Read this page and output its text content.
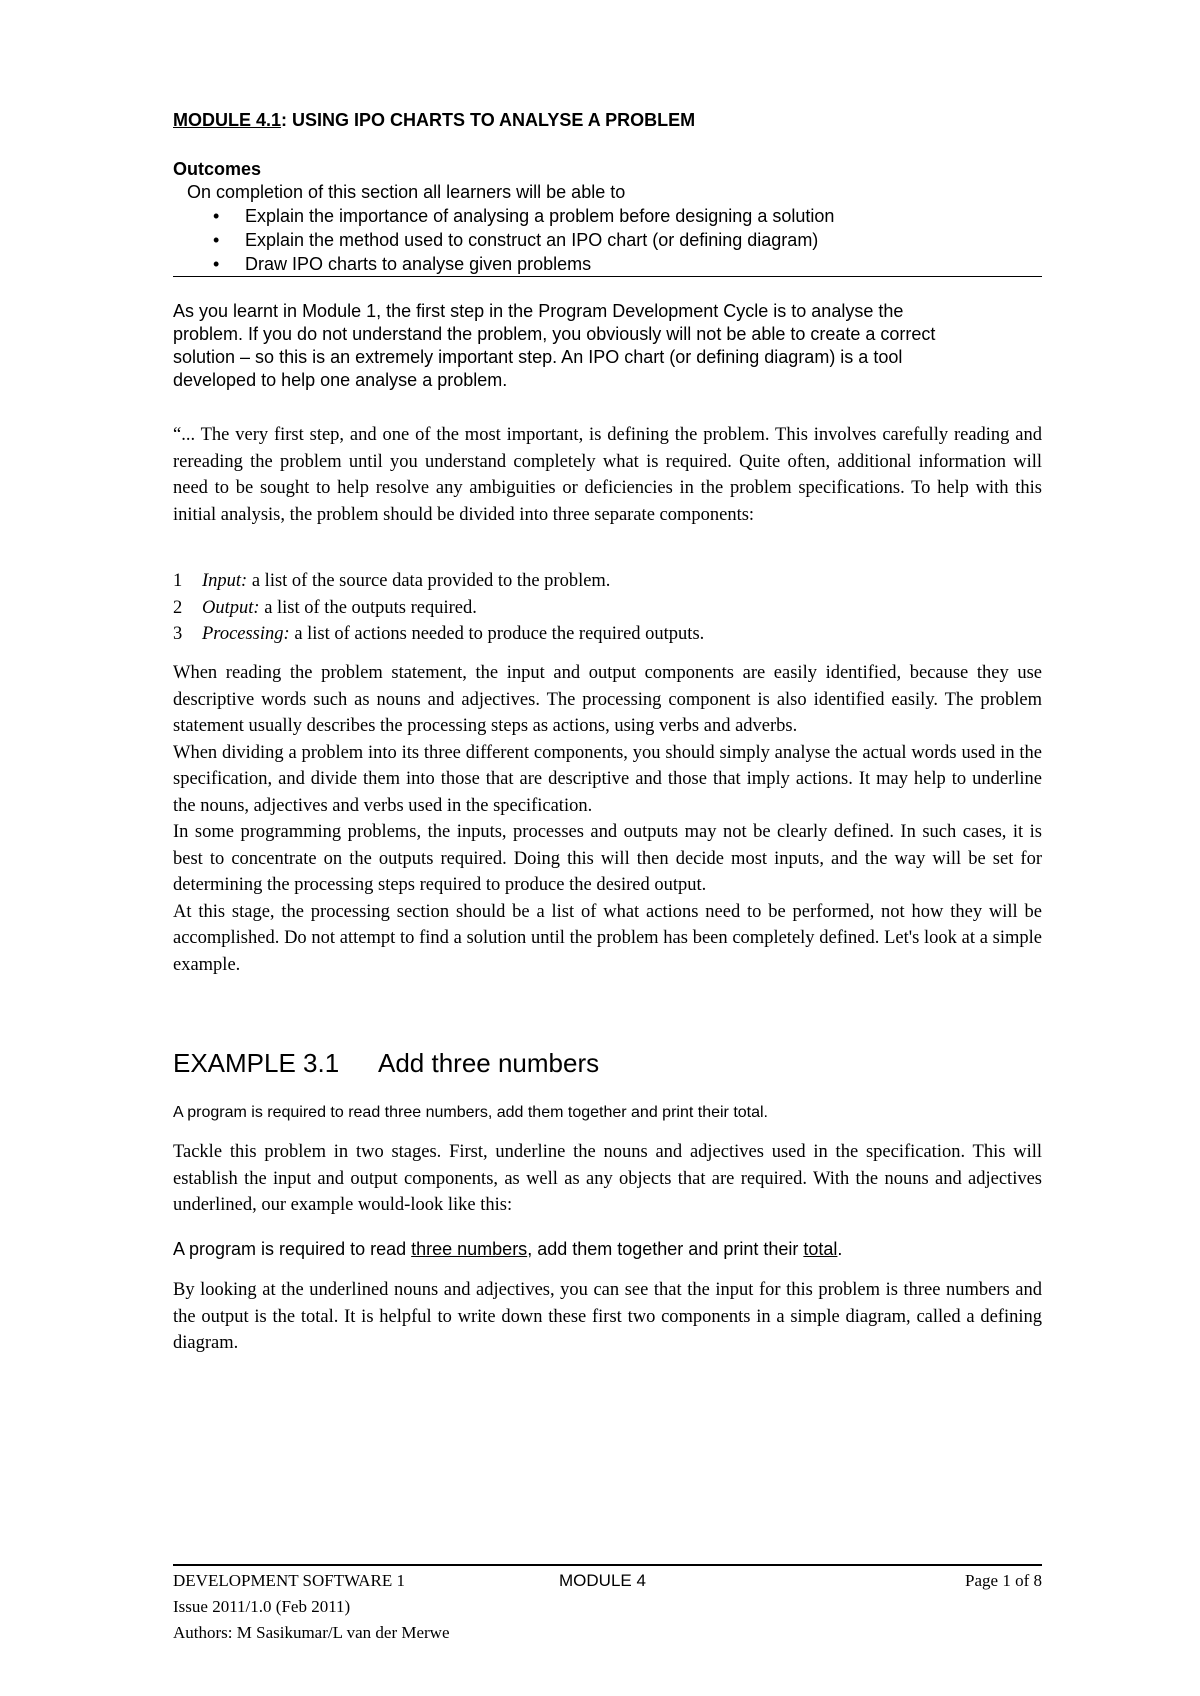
MODULE 4.1: USING IPO CHARTS TO ANALYSE A PROBLEM
Outcomes

On completion of this section all learners will be able to

• Explain the importance of analysing a problem before designing a solution
• Explain the method used to construct an IPO chart (or defining diagram)
• Draw IPO charts to analyse given problems

As you learnt in Module 1, the first step in the Program Development Cycle is to analyse the
problem. If you do not understand the problem, you obviously will not be able to create a correct
solution – so this is an extremely important step. An IPO chart (or defining diagram) is a tool
developed to help one analyse a problem.

“... The very first step, and one of the most important, is defining the problem. This involves carefully reading and rereading the problem until you understand completely what is required. Quite often, additional information will need to be sought to help resolve any ambiguities or deficiencies in the problem specifications. To help with this initial analysis, the problem should be divided into three separate components:

1 Input: a list of the source data provided to the problem.
2 Output: a list of the outputs required.
3 Processing: a list of actions needed to produce the required outputs.

When reading the problem statement, the input and output components are easily identified, because they use descriptive words such as nouns and adjectives. The processing component is also identified easily. The problem statement usually describes the processing steps as actions, using verbs and adverbs.

When dividing a problem into its three different components, you should simply analyse the actual words used in the specification, and divide them into those that are descriptive and those that imply actions. It may help to underline the nouns, adjectives and verbs used in the specification.

In some programming problems, the inputs, processes and outputs may not be clearly defined. In such cases, it is best to concentrate on the outputs required. Doing this will then decide most inputs, and the way will be set for determining the processing steps required to produce the desired output.

At this stage, the processing section should be a list of what actions need to be performed, not how they will be accomplished. Do not attempt to find a solution until the problem has been completely defined. Let's look at a simple example.

EXAMPLE 3.1 Add three numbers
A program is required to read three numbers, add them together and print their total.

Tackle this problem in two stages. First, underline the nouns and adjectives used in the specification. This will establish the input and output components, as well as any objects that are required. With the nouns and adjectives underlined, our example would-look like this:

A program is required to read three numbers, add them together and print their total.

By looking at the underlined nouns and adjectives, you can see that the input for this problem is three numbers and the output is the total. It is helpful to write down these first two components in a simple diagram, called a defining diagram.

DEVELOPMENT SOFTWARE 1	MODULE 4	Page 1 of 8
Issue 2011/1.0 (Feb 2011)
Authors: M Sasikumar/L van der Merwe
